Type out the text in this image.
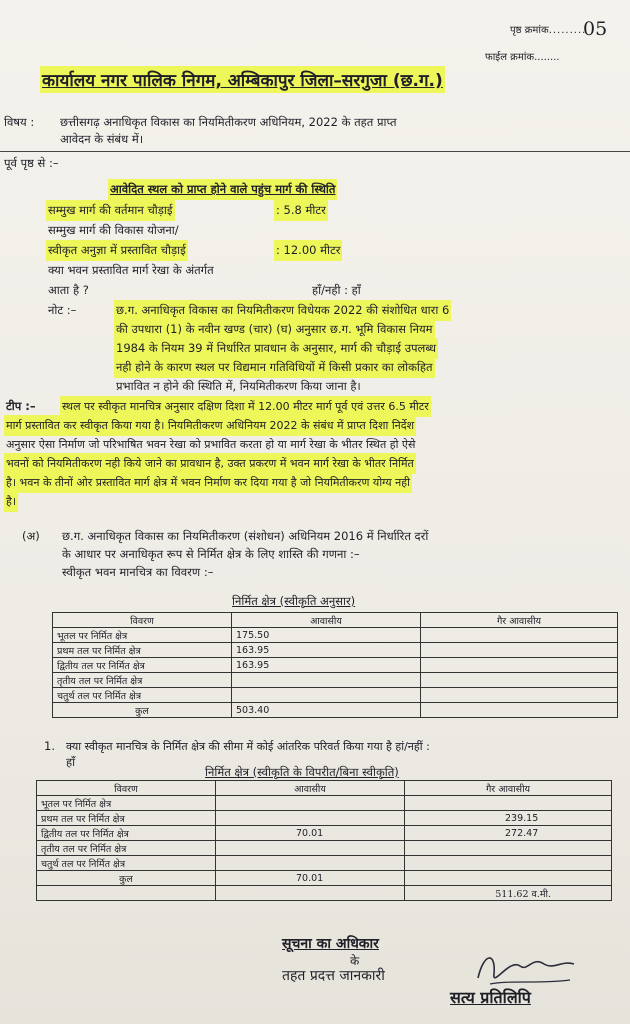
पृष्ठ क्रमांक.........
05
फाईल क्रमांक........
कार्यालय नगर पालिक निगम, अम्बिकापुर जिला–सरगुजा (छ.ग.)
विषय : छत्तीसगढ़ अनाधिकृत विकास का नियमितीकरण अधिनियम, 2022 के तहत प्राप्त
आवेदन के संबंध में।
पूर्व पृष्ठ से :–
आवेदित स्थल को प्राप्त होने वाले पहुंच मार्ग की स्थिति
सम्मुख मार्ग की वर्तमान चौड़ाई	: 5.8 मीटर
सम्मुख मार्ग की विकास योजना/
स्वीकृत अनुज्ञा में प्रस्तावित चौड़ाई	: 12.00 मीटर
क्या भवन प्रस्तावित मार्ग रेखा के अंतर्गत
आता है ?	हाँ/नही : हाँ
नोट :–	छ.ग. अनाधिकृत विकास का नियमितीकरण विधेयक 2022 की संशोधित धारा 6
की उपधारा (1) के नवीन खण्ड (चार) (घ) अनुसार छ.ग. भूमि विकास नियम
1984 के नियम 39 में निर्धारित प्रावधान के अनुसार, मार्ग की चौड़ाई उपलब्ध
नही होने के कारण स्थल पर विद्यमान गतिविधियों में किसी प्रकार का लोकहित
प्रभावित न होने की स्थिति में, नियमितीकरण किया जाना है।
टीप :– स्थल पर स्वीकृत मानचित्र अनुसार दक्षिण दिशा में 12.00 मीटर मार्ग पूर्व एवं उत्तर 6.5 मीटर
मार्ग प्रस्तावित कर स्वीकृत किया गया है। नियमितीकरण अधिनियम 2022 के संबंध में प्राप्त दिशा निर्देश
अनुसार ऐसा निर्माण जो परिभाषित भवन रेखा को प्रभावित करता हो या मार्ग रेखा के भीतर स्थित हो ऐसे
भवनों को नियमितीकरण नही किये जाने का प्रावधान है, उक्त प्रकरण में भवन मार्ग रेखा के भीतर निर्मित
है। भवन के तीनों ओर प्रस्तावित मार्ग क्षेत्र में भवन निर्माण कर दिया गया है जो नियमितीकरण योग्य नही
है।
(अ) छ.ग. अनाधिकृत विकास का नियमितीकरण (संशोधन) अधिनियम 2016 में निर्धारित दरों
के आधार पर अनाधिकृत रूप से निर्मित क्षेत्र के लिए शास्ति की गणना :–
स्वीकृत भवन मानचित्र का विवरण :–
निर्मित क्षेत्र (स्वीकृति अनुसार)
विवरण	आवासीय	गैर आवासीय
भूतल पर निर्मित क्षेत्र	175.50	
प्रथम तल पर निर्मित क्षेत्र	163.95	
द्वितीय तल पर निर्मित क्षेत्र	163.95	
तृतीय तल पर निर्मित क्षेत्र		
चतुर्थ तल पर निर्मित क्षेत्र		
कुल	503.40	
1. क्या स्वीकृत मानचित्र के निर्मित क्षेत्र की सीमा में कोई आंतरिक परिवर्त किया गया है हां/नहीं :
हाँ
निर्मित क्षेत्र (स्वीकृति के विपरीत/बिना स्वीकृति)
विवरण	आवासीय	गैर आवासीय
भूतल पर निर्मित क्षेत्र		
प्रथम तल पर निर्मित क्षेत्र		239.15
द्वितीय तल पर निर्मित क्षेत्र	70.01	272.47
तृतीय तल पर निर्मित क्षेत्र		
चतुर्थ तल पर निर्मित क्षेत्र		
कुल	70.01	
		511.62 व.मी.
सूचना का अधिकार
के
तहत प्रदत्त जानकारी
सत्य प्रतिलिपि
